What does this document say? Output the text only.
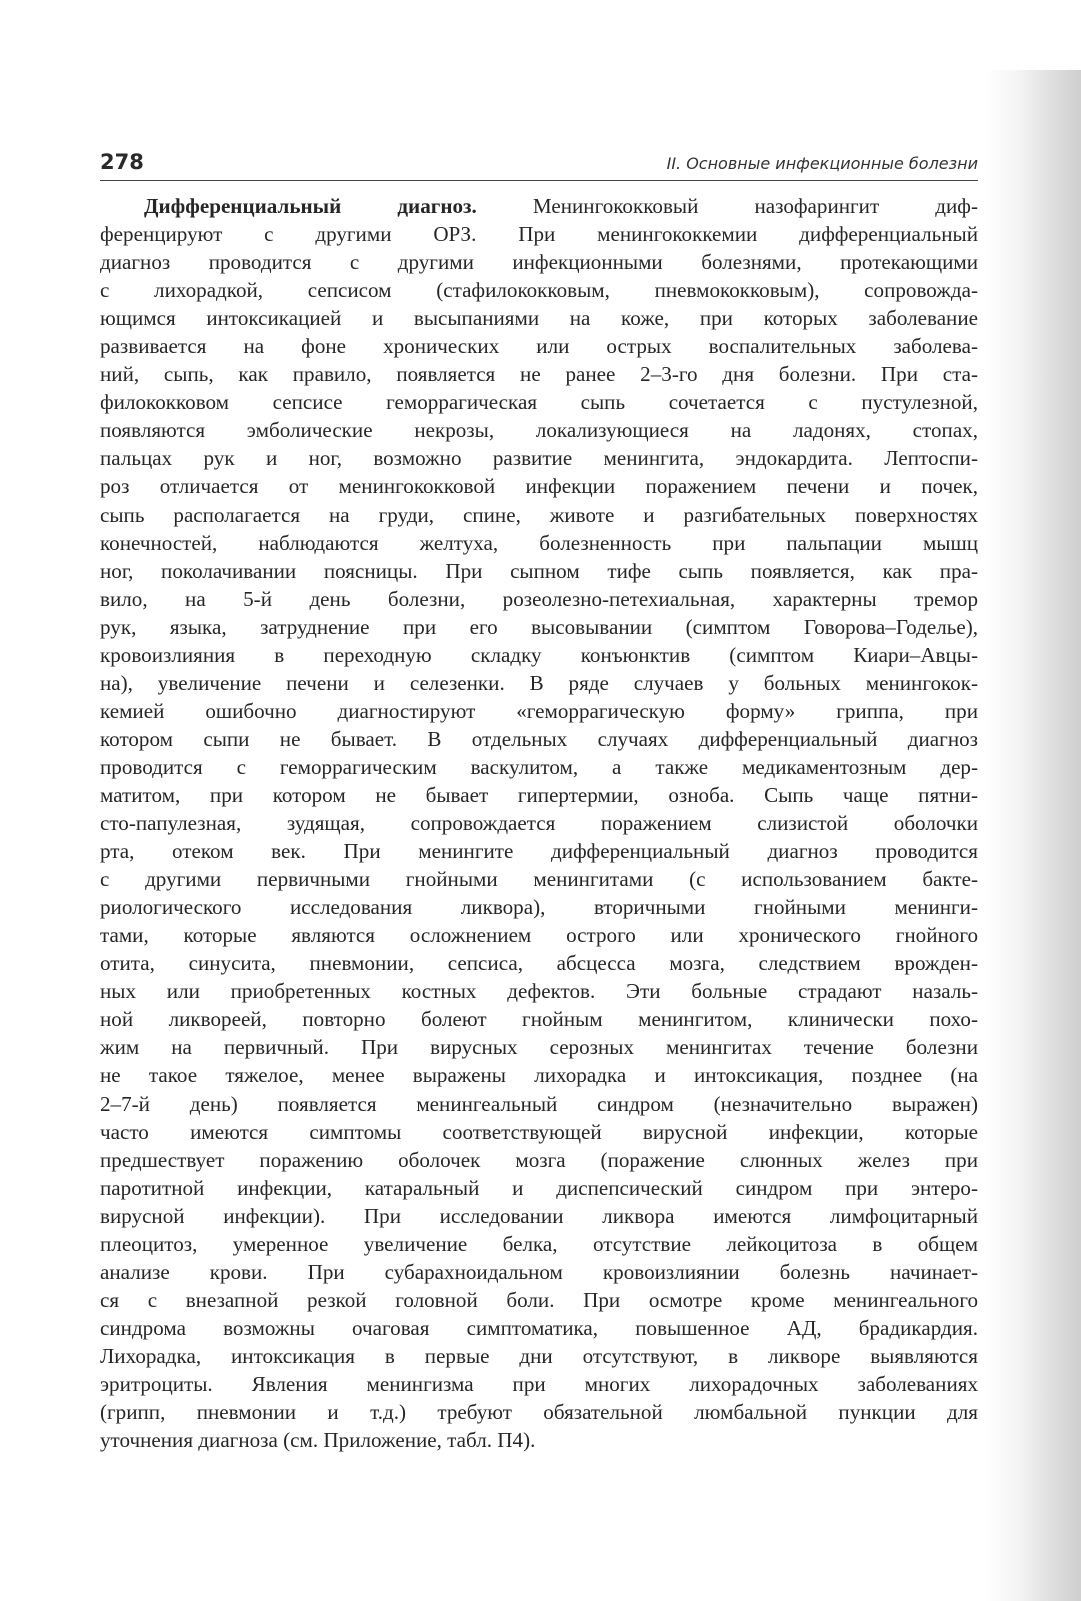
278	II. Основные инфекционные болезни
Дифференциальный диагноз. Менингококковый назофарингит диф-
ференцируют с другими ОРЗ. При менингококкемии дифференциальный
диагноз проводится с другими инфекционными болезнями, протекающими
с лихорадкой, сепсисом (стафилококковым, пневмококковым), сопровожда-
ющимся интоксикацией и высыпаниями на коже, при которых заболевание
развивается на фоне хронических или острых воспалительных заболева-
ний, сыпь, как правило, появляется не ранее 2–3-го дня болезни. При ста-
филококковом сепсисе геморрагическая сыпь сочетается с пустулезной,
появляются эмболические некрозы, локализующиеся на ладонях, стопах,
пальцах рук и ног, возможно развитие менингита, эндокардита. Лептоспи-
роз отличается от менингококковой инфекции поражением печени и почек,
сыпь располагается на груди, спине, животе и разгибательных поверхностях
конечностей, наблюдаются желтуха, болезненность при пальпации мышц
ног, поколачивании поясницы. При сыпном тифе сыпь появляется, как пра-
вило, на 5-й день болезни, розеолезно-петехиальная, характерны тремор
рук, языка, затруднение при его высовывании (симптом Говорова–Годелье),
кровоизлияния в переходную складку конъюнктив (симптом Киари–Авцы-
на), увеличение печени и селезенки. В ряде случаев у больных менингокок-
кемией ошибочно диагностируют «геморрагическую форму» гриппа, при
котором сыпи не бывает. В отдельных случаях дифференциальный диагноз
проводится с геморрагическим васкулитом, а также медикаментозным дер-
матитом, при котором не бывает гипертермии, озноба. Сыпь чаще пятни-
сто-папулезная, зудящая, сопровождается поражением слизистой оболочки
рта, отеком век. При менингите дифференциальный диагноз проводится
с другими первичными гнойными менингитами (с использованием бакте-
риологического исследования ликвора), вторичными гнойными менинги-
тами, которые являются осложнением острого или хронического гнойного
отита, синусита, пневмонии, сепсиса, абсцесса мозга, следствием врожден-
ных или приобретенных костных дефектов. Эти больные страдают назаль-
ной ликвореей, повторно болеют гнойным менингитом, клинически похо-
жим на первичный. При вирусных серозных менингитах течение болезни
не такое тяжелое, менее выражены лихорадка и интоксикация, позднее (на
2–7-й день) появляется менингеальный синдром (незначительно выражен)
часто имеются симптомы соответствующей вирусной инфекции, которые
предшествует поражению оболочек мозга (поражение слюнных желез при
паротитной инфекции, катаральный и диспепсический синдром при энтеро-
вирусной инфекции). При исследовании ликвора имеются лимфоцитарный
плеоцитоз, умеренное увеличение белка, отсутствие лейкоцитоза в общем
анализе крови. При субарахноидальном кровоизлиянии болезнь начинает-
ся с внезапной резкой головной боли. При осмотре кроме менингеального
синдрома возможны очаговая симптоматика, повышенное АД, брадикардия.
Лихорадка, интоксикация в первые дни отсутствуют, в ликворе выявляются
эритроциты. Явления менингизма при многих лихорадочных заболеваниях
(грипп, пневмонии и т.д.) требуют обязательной люмбальной пункции для
уточнения диагноза (см. Приложение, табл. П4).
